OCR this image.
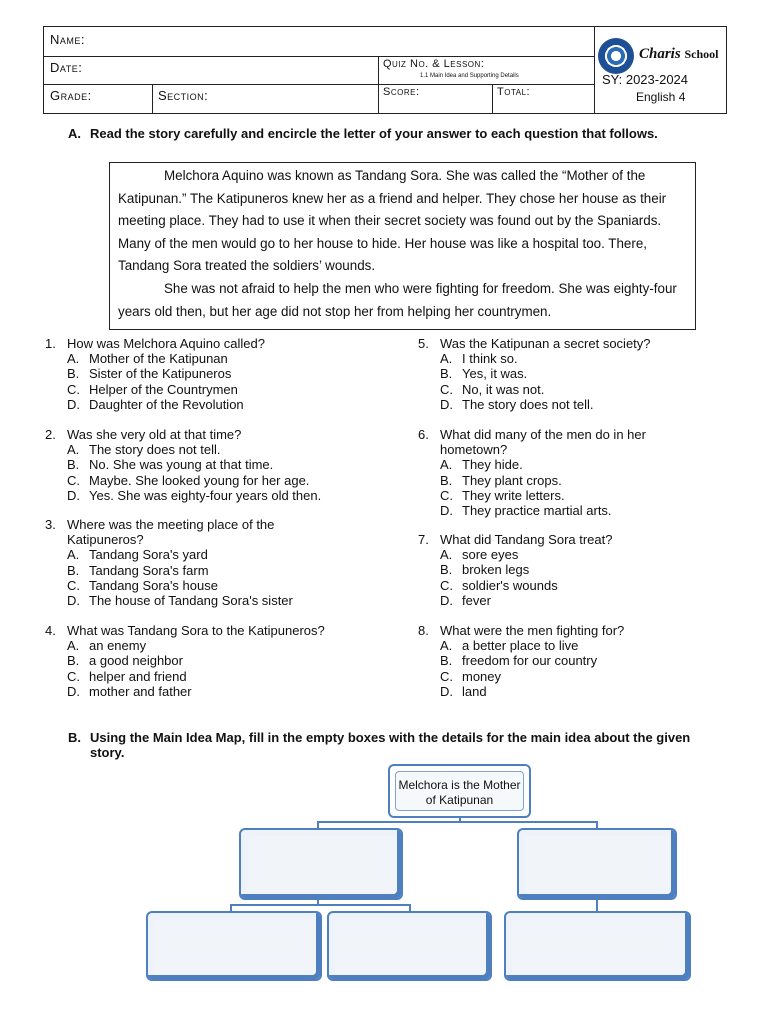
Name:
Date:
Grade:	Section:
Quiz No. & Lesson:
1.1 Main Idea and Supporting Details
Score:	Total:
Charis School
SY: 2023-2024
English 4
A. Read the story carefully and encircle the letter of your answer to each question that follows.

Melchora Aquino was known as Tandang Sora. She was called the “Mother of the Katipunan.” The Katipuneros knew her as a friend and helper. They chose her house as their meeting place. They had to use it when their secret society was found out by the Spaniards. Many of the men would go to her house to hide. Her house was like a hospital too. There, Tandang Sora treated the soldiers’ wounds.

She was not afraid to help the men who were fighting for freedom. She was eighty-four years old then, but her age did not stop her from helping her countrymen.

1. How was Melchora Aquino called?
A. Mother of the Katipunan
B. Sister of the Katipuneros
C. Helper of the Countrymen
D. Daughter of the Revolution
2. Was she very old at that time?
A. The story does not tell.
B. No. She was young at that time.
C. Maybe. She looked young for her age.
D. Yes. She was eighty-four years old then.
3. Where was the meeting place of the Katipuneros?
A. Tandang Sora's yard
B. Tandang Sora's farm
C. Tandang Sora's house
D. The house of Tandang Sora's sister
4. What was Tandang Sora to the Katipuneros?
A. an enemy
B. a good neighbor
C. helper and friend
D. mother and father
5. Was the Katipunan a secret society?
A. I think so.
B. Yes, it was.
C. No, it was not.
D. The story does not tell.
6. What did many of the men do in her hometown?
A. They hide.
B. They plant crops.
C. They write letters.
D. They practice martial arts.
7. What did Tandang Sora treat?
A. sore eyes
B. broken legs
C. soldier's wounds
D. fever
8. What were the men fighting for?
A. a better place to live
B. freedom for our country
C. money
D. land
B. Using the Main Idea Map, fill in the empty boxes with the details for the main idea about the given story.
Melchora is the Mother of Katipunan
